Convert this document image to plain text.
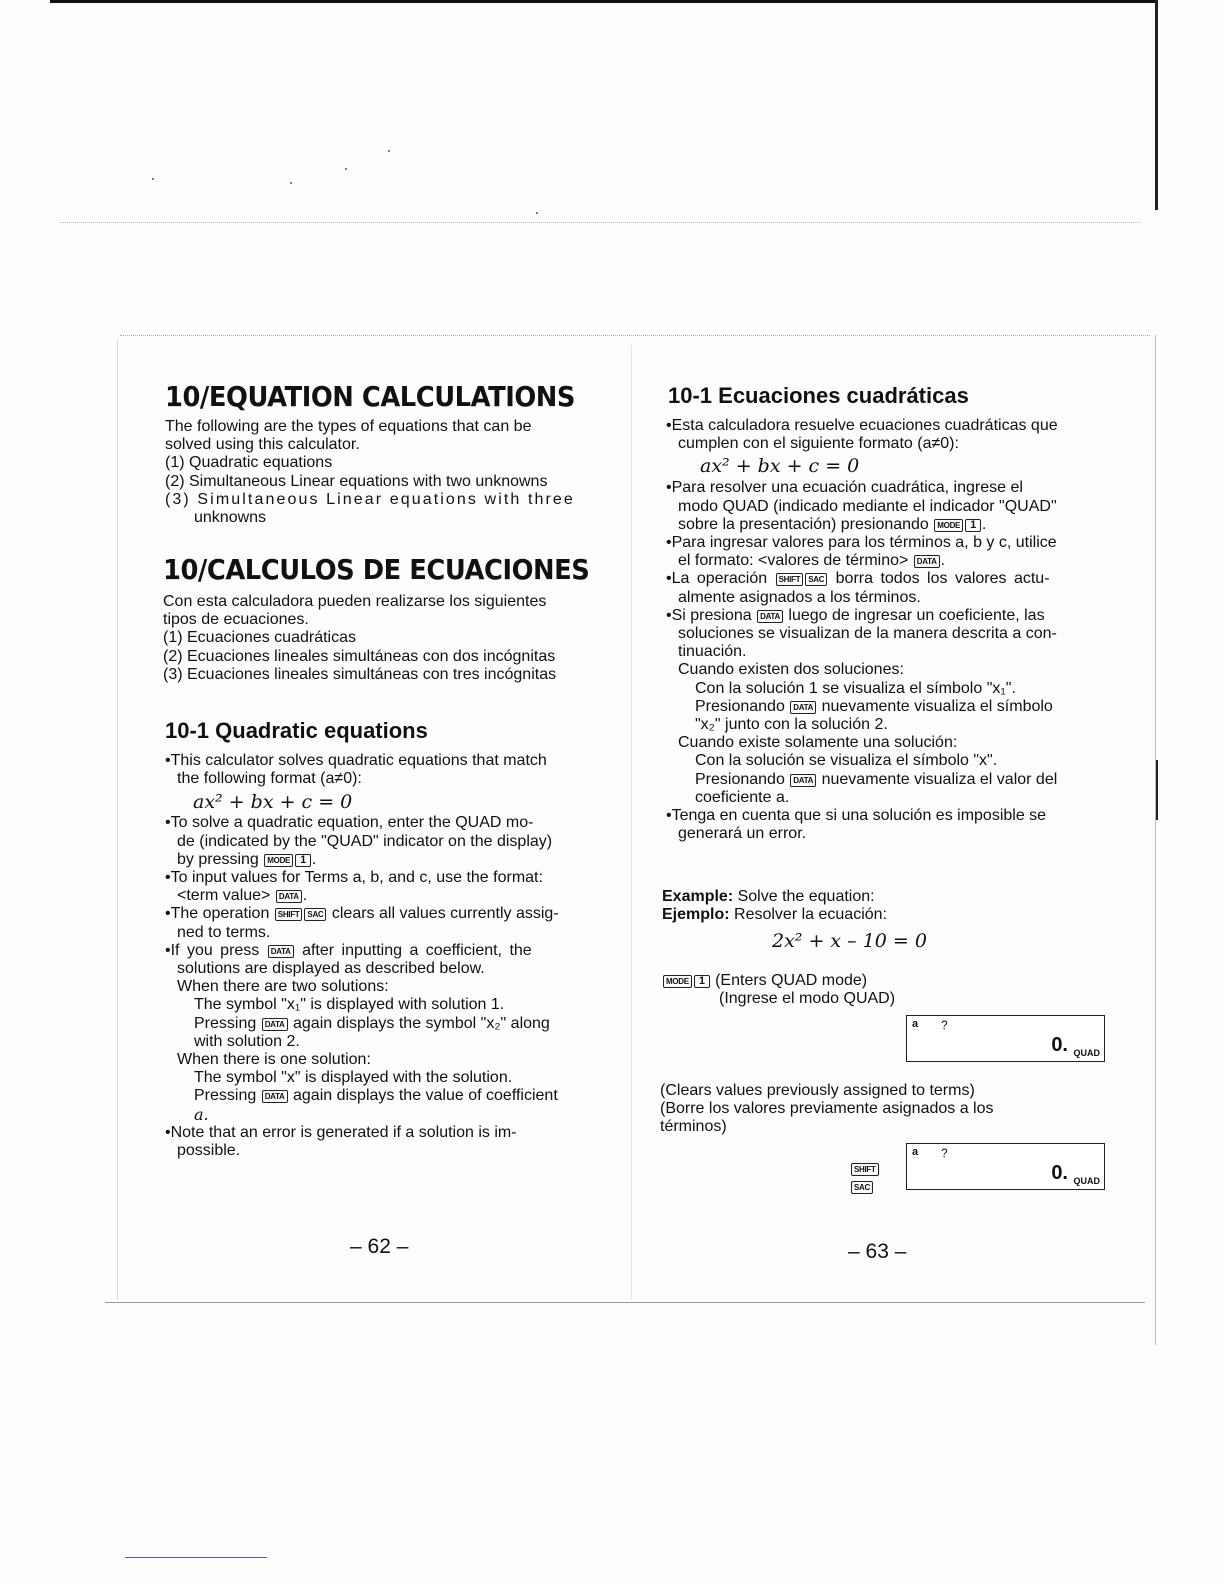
10/EQUATION CALCULATIONS
The following are the types of equations that can be
solved using this calculator.
(1) Quadratic equations
(2) Simultaneous Linear equations with two unknowns
(3) Simultaneous Linear equations with three
unknowns
10/CALCULOS DE ECUACIONES
Con esta calculadora pueden realizarse los siguientes
tipos de ecuaciones.
(1) Ecuaciones cuadráticas
(2) Ecuaciones lineales simultáneas con dos incógnitas
(3) Ecuaciones lineales simultáneas con tres incógnitas
10-1 Quadratic equations
•This calculator solves quadratic equations that match
the following format (a≠0):
ax² + bx + c = 0
•To solve a quadratic equation, enter the QUAD mo-
de (indicated by the "QUAD" indicator on the display)
by pressing MODE 1 .
•To input values for Terms a, b, and c, use the format:
<term value> DATA .
•The operation SHIFT SAC clears all values currently assig-
ned to terms.
•If you press DATA after inputting a coefficient, the
solutions are displayed as described below.
When there are two solutions:
The symbol "x₁" is displayed with solution 1.
Pressing DATA again displays the symbol "x₂" along
with solution 2.
When there is one solution:
The symbol "x" is displayed with the solution.
Pressing DATA again displays the value of coefficient
a.
•Note that an error is generated if a solution is im-
possible.
– 62 –
10-1 Ecuaciones cuadráticas
•Esta calculadora resuelve ecuaciones cuadráticas que
cumplen con el siguiente formato (a≠0):
ax² + bx + c = 0
•Para resolver una ecuación cuadrática, ingrese el
modo QUAD (indicado mediante el indicador "QUAD"
sobre la presentación) presionando MODE 1 .
•Para ingresar valores para los términos a, b y c, utilice
el formato: <valores de término> DATA .
•La operación SHIFT SAC borra todos los valores actu-
almente asignados a los términos.
•Si presiona DATA luego de ingresar un coeficiente, las
soluciones se visualizan de la manera descrita a con-
tinuación.
Cuando existen dos soluciones:
Con la solución 1 se visualiza el símbolo "x₁".
Presionando DATA nuevamente visualiza el símbolo
"x₂" junto con la solución 2.
Cuando existe solamente una solución:
Con la solución se visualiza el símbolo "x".
Presionando DATA nuevamente visualiza el valor del
coeficiente a.
•Tenga en cuenta que si una solución es imposible se
generará un error.
Example: Solve the equation:
Ejemplo: Resolver la ecuación:
2x² + x – 10 = 0
MODE 1 (Enters QUAD mode)
(Ingrese el modo QUAD)
a ?
0. QUAD
(Clears values previously assigned to terms)
(Borre los valores previamente asignados a los
términos)
SHIFTSAC
a ?
0. QUAD
– 63 –
